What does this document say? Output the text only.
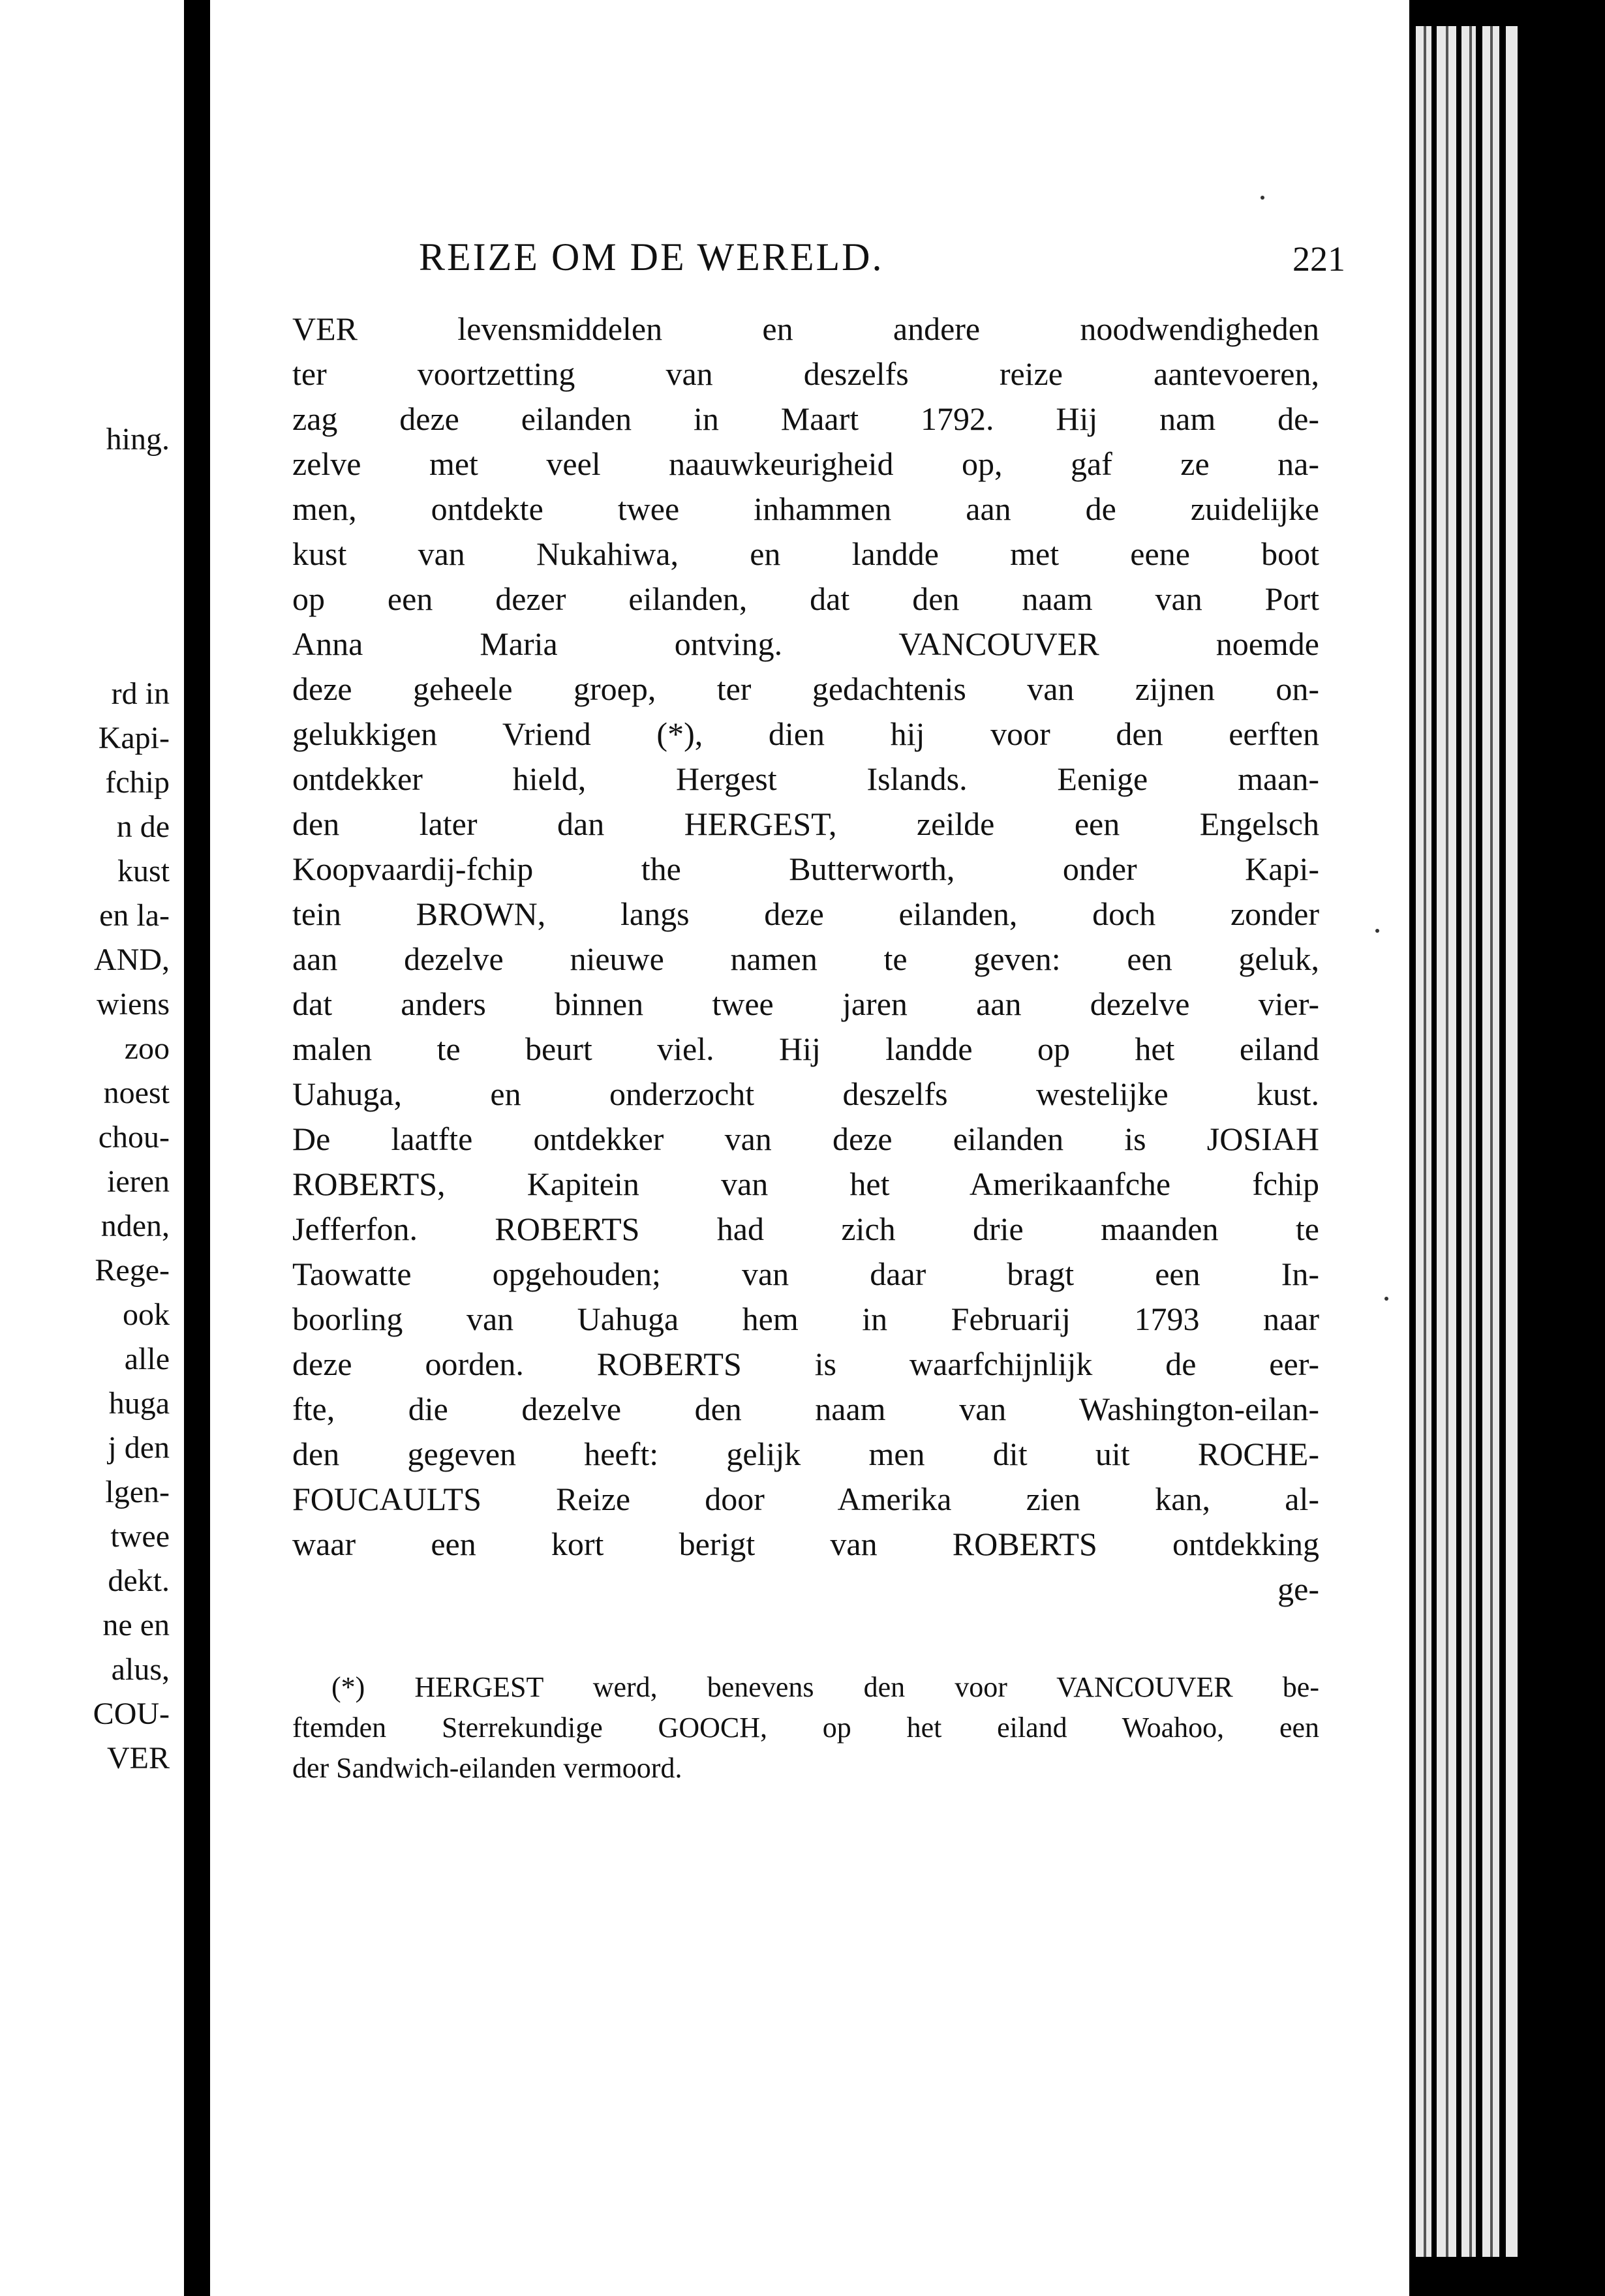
hing.
rd in
Kapi-
fchip
n de
kust
en la-
AND,
wiens
zoo
noest
chou-
ieren
nden,
Rege-
ook
alle
huga
j den
lgen-
twee
dekt.
ne en
alus,
COU-
VER
REIZE OM DE WERELD.	221
VER levensmiddelen en andere noodwendigheden
ter voortzetting van deszelfs reize aantevoeren,
zag deze eilanden in Maart 1792. Hij nam de-
zelve met veel naauwkeurigheid op, gaf ze na-
men, ontdekte twee inhammen aan de zuidelijke
kust van Nukahiwa, en landde met eene boot
op een dezer eilanden, dat den naam van Port
Anna Maria ontving. VANCOUVER noemde
deze geheele groep, ter gedachtenis van zijnen on-
gelukkigen Vriend (*), dien hij voor den eerften
ontdekker hield, Hergest Islands. Eenige maan-
den later dan HERGEST, zeilde een Engelsch
Koopvaardij-fchip the Butterworth, onder Kapi-
tein BROWN, langs deze eilanden, doch zonder
aan dezelve nieuwe namen te geven: een geluk,
dat anders binnen twee jaren aan dezelve vier-
malen te beurt viel. Hij landde op het eiland
Uahuga, en onderzocht deszelfs westelijke kust.
De laatfte ontdekker van deze eilanden is JOSIAH
ROBERTS, Kapitein van het Amerikaanfche fchip
Jefferfon. ROBERTS had zich drie maanden te
Taowatte opgehouden; van daar bragt een In-
boorling van Uahuga hem in Februarij 1793 naar
deze oorden. ROBERTS is waarfchijnlijk de eer-
fte, die dezelve den naam van Washington-eilan-
den gegeven heeft: gelijk men dit uit ROCHE-
FOUCAULTS Reize door Amerika zien kan, al-
waar een kort berigt van ROBERTS ontdekking
ge-
(*) HERGEST werd, benevens den voor VANCOUVER be-
ftemden Sterrekundige GOOCH, op het eiland Woahoo, een
der Sandwich-eilanden vermoord.
